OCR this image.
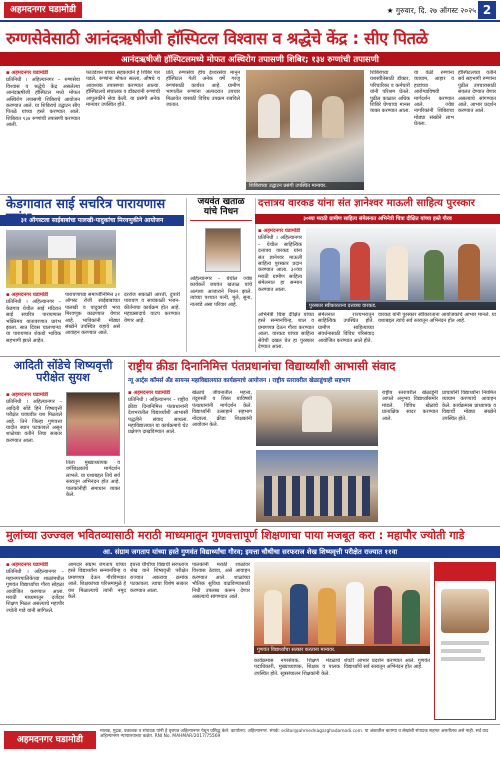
अहमदनगर घडामोडी	★ गुरुवार, दि. २७ ऑगस्ट २०२५ 2
रुग्णसेवेसाठी आनंदऋषीजी हॉस्पिटल विश्वास व श्रद्धेचे केंद्र : सीए पितळे
आनंदऋषीजी हॉस्पिटलमध्ये मोफत अस्थिरोग तपासणी शिबिर; १३४ रुग्णांची तपासणी
◾ अहमदनगर घडामोडी
प्रतिनिधी । अहिल्यानगर – रुग्णसेवा विश्वास व श्रद्धेचे केंद्र असलेल्या आनंदऋषीजी हॉस्पिटल मध्ये मोफत अस्थिरोग तपासणी शिबिराचे आयोजन करण्यात आले. या शिबिराचे उद्घाटन सीए पितळे यांच्या हस्ते करण्यात आले. शिबिरात १३४ रुग्णांची तपासणी करण्यात आली.
फाउंडेशन यांच्या सहकार्याने हे शिबिर पार पडले. रुग्णांना मोफत सल्ला, औषधे व आवश्यक तपासण्या करण्यात आल्या. हॉस्पिटलचे संचालक व डॉक्टरांनी रुग्णांची आपुलकीने सेवा केली. या प्रसंगी अनेक मान्यवर उपस्थित होते.
प्रति, रुग्णसेवा हीच ईश्वरसेवा मानून हॉस्पिटल गेली अनेक वर्षे गरजू रुग्णांसाठी कार्यरत आहे. ग्रामीण भागातील रुग्णांना अल्पदरात उपचार मिळावेत यासाठी विविध उपक्रम राबविले जातात.
शिबिराच्या उद्घाटन प्रसंगी उपस्थित मान्यवर.
शिबिराच्या यशस्वीतेसाठी डॉक्टर, परिचारिका व कर्मचारी यांनी परिश्रम घेतले. पुढील काळात अधिक शिबिरे घेण्याचा मानस व्यक्त करण्यात आला.
या वेळी रुग्णांना व्यायाम, आहार व हाडांच्या आरोग्याविषयी मार्गदर्शन करण्यात आले. ज्येष्ठ नागरिकांनी शिबिराचा मोठ्या संख्येने लाभ घेतला.
हॉस्पिटलच्या वतीने सर्व सहभागी रुग्णांना पुढील उपचारासाठी सवलत देण्यात येणार असल्याचे सांगण्यात आले. आभार प्रदर्शन करण्यात आले.
केडगावात साई सचरित्र पारायणास
३१ ऑगस्टला साईबाबांचा पालखी-पादुकांचा मिरवणुकीने आयोजन
◾ अहमदनगर घडामोडी
प्रतिनिधी । अहिल्यानगर – केडगाव येथील साई मंदिरात साई सचरित्र पारायणास भक्तिमय वातावरणात प्रारंभ झाला. सात दिवस चालणाऱ्या या पारायणात शेकडो भाविक सहभागी झाले आहेत.
पारायणाच्या समाप्तीनिमित्त ३१ ऑगस्ट रोजी साईबाबांच्या पालखी व पादुकांची भव्य मिरवणूक काढण्यात येणार आहे. भाविकांनी मोठ्या संख्येने उपस्थित राहावे असे आवाहन करण्यात आले.
दररोज सकाळी आरती, दुपारी पारायण व सायंकाळी भजन-कीर्तनाचा कार्यक्रम होत आहे. महाप्रसादाचे वाटप करण्यात येणार आहे.
जयवंत खताळ यांचे निधन
अहिल्यानगर – येथील ज्येष्ठ कार्यकर्ते जयवंत खताळ यांचे अल्पशा आजाराने निधन झाले. त्यांच्या पश्चात पत्नी, मुले, सुना, नातवंडे असा परिवार आहे.
दत्तात्रय वारकड यांना संत ज्ञानेश्वर माऊली साहित्य पुरस्कार
३०व्या मराठी ग्रामीण साहित्य संमेलनात अभिनेत्री चित्रा दीक्षित यांच्या हस्ते गौरव
◾ अहमदनगर घडामोडी
प्रतिनिधी । अहिल्यानगर – येथील साहित्यिक दत्तात्रय वारकड यांना संत ज्ञानेश्वर माऊली साहित्य पुरस्कार प्रदान करण्यात आला. ३०व्या मराठी ग्रामीण साहित्य संमेलनात हा सन्मान करण्यात आला.
पुरस्कार स्वीकारताना दत्तात्रय वारकड.
अभिनेत्री चित्रा दीक्षित यांच्या हस्ते सन्मानचिन्ह, शाल व प्रमाणपत्र देऊन गौरव करण्यात आला. वारकड यांच्या साहित्य सेवेची दखल घेत हा पुरस्कार देण्यात आला.
संमेलनात राज्यभरातून साहित्यिक उपस्थित होते. ग्रामीण साहित्याच्या संवर्धनासाठी विविध परिसंवाद आयोजित करण्यात आले होते.
वारकड यांनी पुरस्कार स्वीकारताना आयोजकांचे आभार मानले. या यशाबद्दल त्यांचे सर्व स्तरातून अभिनंदन होत आहे.
आदिती सोंडेचे शिष्यवृत्ती परीक्षेत सुयश
◾ अहमदनगर घडामोडी
प्रतिनिधी । अहिल्यानगर – आदिती सोंडे हिने शिष्यवृत्ती परीक्षेत घवघवीत यश मिळवले आहे. तिने जिल्हा गुणवत्ता यादीत स्थान पटकावले असून शाळेच्या वतीने तिचा सत्कार करण्यात आला.
तिला मुख्याध्यापक व वर्गशिक्षकांचे मार्गदर्शन लाभले. या यशाबद्दल तिचे सर्व स्तरातून अभिनंदन होत आहे. पालकांनीही समाधान व्यक्त केले.
राष्ट्रीय क्रीडा दिनानिमित्त पंतप्रधानांचा विद्यार्थ्यांशी आभासी संवाद
न्यू आर्ट्स कॉमर्स अँड सायन्स महाविद्यालयात कार्यक्रमाचे आयोजन । राष्ट्रीय स्तरावरील खेळाडूंचाही सहभाग
◾ अहमदनगर घडामोडी
प्रतिनिधी । अहिल्यानगर – राष्ट्रीय क्रीडा दिनानिमित्त पंतप्रधानांनी देशभरातील विद्यार्थ्यांशी आभासी पद्धतीने संवाद साधला. महाविद्यालयात या कार्यक्रमाचे थेट प्रक्षेपण दाखविण्यात आले.
खेळाचे जीवनातील महत्त्व, तंदुरुस्ती व शिस्त याविषयी पंतप्रधानांनी मार्गदर्शन केले. विद्यार्थ्यांनी उत्साहाने सहभाग नोंदवला. क्रीडा शिक्षकांनी आयोजन केले.
राष्ट्रीय स्तरावरील खेळाडूंनी आपले अनुभव विद्यार्थ्यांसमोर मांडले. विविध खेळांचे प्रात्यक्षिक सादर करण्यात आले.
प्राचार्यांनी विद्यार्थ्यांना नियमित व्यायाम करण्याचे आवाहन केले. कार्यक्रमास प्राध्यापक व विद्यार्थी मोठ्या संख्येने उपस्थित होते.
मुलांच्या उज्ज्वल भवितव्यासाठी मराठी माध्यमातून गुणवत्तापूर्ण शिक्षणाचा पाया मजबूत करा : महापौर ज्योती गाडे
आ. संग्राम जगताप यांच्या हस्ते गुणवंत विद्यार्थ्यांचा गौरव; इयत्ता चौथीचा सरफराज शेख शिष्यवृत्ती परीक्षेत राज्यात ११वा
◾ अहमदनगर घडामोडी
प्रतिनिधी । अहिल्यानगर – महानगरपालिकेच्या शाळांमधील गुणवंत विद्यार्थ्यांचा गौरव सोहळा आयोजित करण्यात आला. मराठी माध्यमातून दर्जेदार शिक्षण मिळत असल्याचे महापौर ज्योती गाडे यांनी सांगितले.
आमदार संग्राम जगताप यांच्या हस्ते विद्यार्थ्यांना सन्मानचिन्ह व प्रमाणपत्र देऊन गौरविण्यात आले. शिक्षकांच्या परिश्रमामुळे हे यश मिळाल्याचे त्यांनी नमूद केले.
इयत्ता चौथीचा विद्यार्थी सरफराज शेख याने शिष्यवृत्ती परीक्षेत राज्यात अकरावा क्रमांक पटकावला. त्याचा विशेष सत्कार करण्यात आला.
पालकांनी मराठी शाळांवर विश्वास ठेवावा, असे आवाहन करण्यात आले. शाळांच्या भौतिक सुविधा वाढविण्यासाठी निधी उपलब्ध करून देणार असल्याचे सांगण्यात आले.
गुणवंत विद्यार्थ्यांचा सत्कार करताना मान्यवर.
कार्यक्रमास नगरसेवक, शिक्षण मंडळाचे पदाधिकारी, मुख्याध्यापक, शिक्षक व पालक उपस्थित होते. सूत्रसंचालन शिक्षकांनी केले.
शेवटी आभार प्रदर्शन करण्यात आले. गुणवंत विद्यार्थ्यांचे सर्व स्तरातून अभिनंदन होत आहे.
अहमदनगर घडामोडी
मालक, मुद्रक, प्रकाशक व संपादक यांनी हे वृत्तपत्र अहिल्यानगर येथून प्रसिद्ध केले. कार्यालय: अहिल्यानगर. संपर्क: editor@ahmednagarghadamodi.com. या अंकातील बातम्या व लेखांशी संपादक सहमत असतीलच असे नाही. सर्व वाद अहिल्यानगर न्यायालयाच्या कक्षेत. RNI No. MAHMAR/2017/75569
